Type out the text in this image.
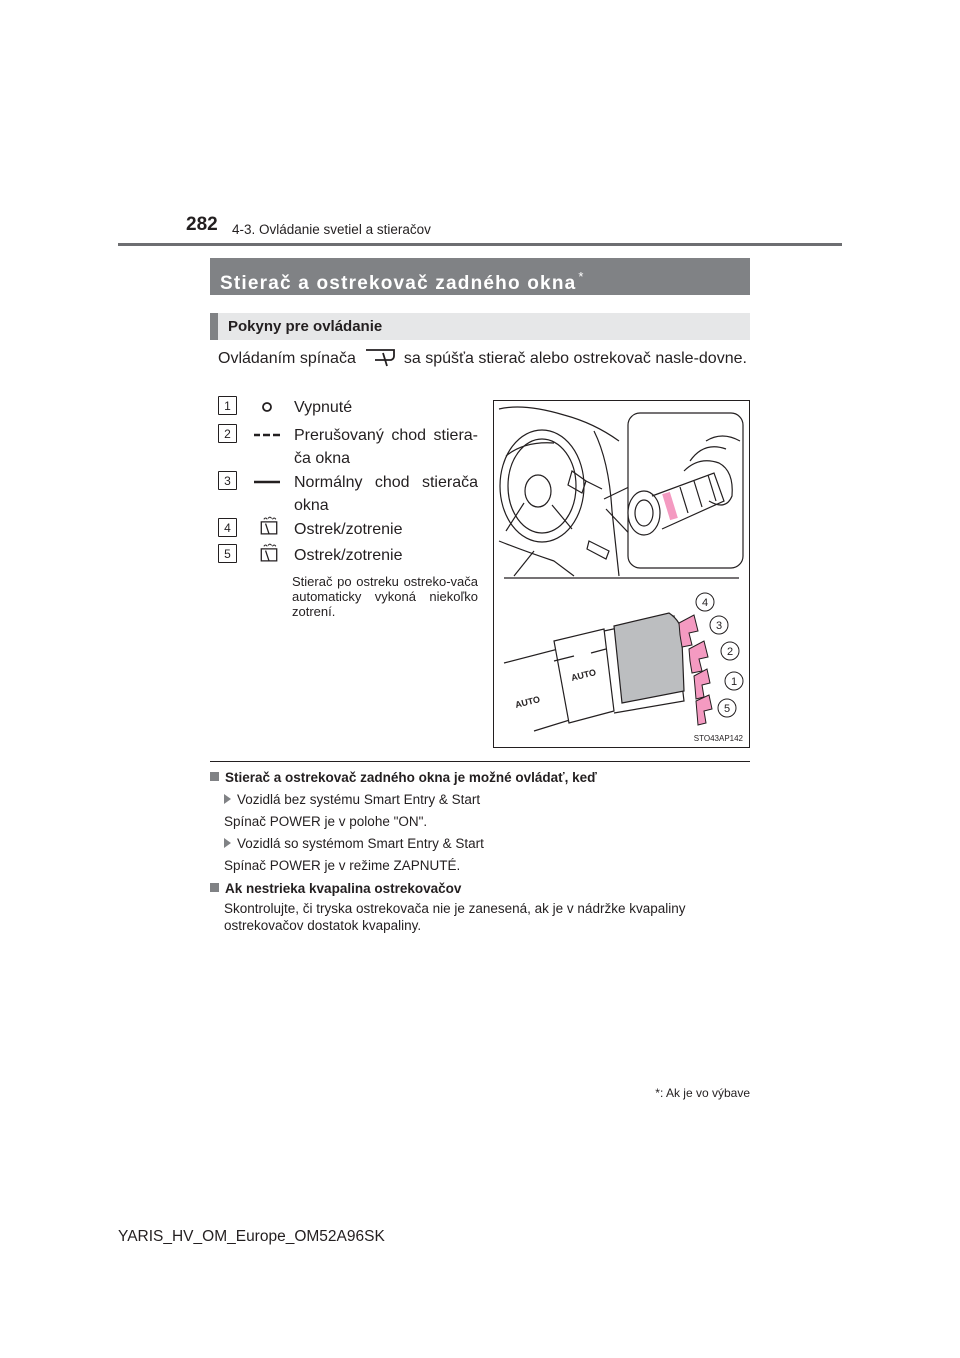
282 4-3. Ovládanie svetiel a stieračov
Stierač a ostrekovač zadného okna *
Pokyny pre ovládanie
Ovládaním spínača	sa spúšťa stierač alebo ostrekovač nasle-dovne.
1	Vypnuté
2	Prerušovaný chod stiera-ča okna
3	Normálny chod stierača okna
4	Ostrek/zotrenie
5	Ostrek/zotrenie
Stierač po ostreku ostreko-vača automaticky vykoná niekoľko zotrení.
AUTO
AUTO
4
3
2
1
5
STO43AP142
Stierač a ostrekovač zadného okna je možné ovládať, keď
Vozidlá bez systému Smart Entry & Start
Spínač POWER je v polohe "ON".
Vozidlá so systémom Smart Entry & Start
Spínač POWER je v režime ZAPNUTÉ.
Ak nestrieka kvapalina ostrekovačov
Skontrolujte, či tryska ostrekovača nie je zanesená, ak je v nádržke kvapaliny ostrekovačov dostatok kvapaliny.
*: Ak je vo výbave
YARIS_HV_OM_Europe_OM52A96SK
